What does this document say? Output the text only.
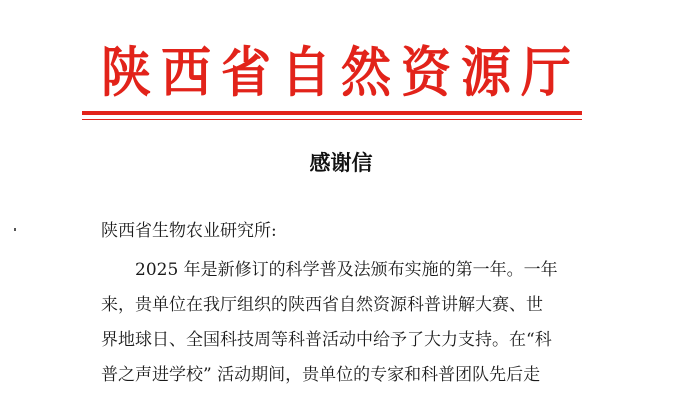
陕西省自然资源厅
感谢信
陕西省生物农业研究所:
2025 年是新修订的科学普及法颁布实施的第一年。一年
来，贵单位在我厅组织的陕西省自然资源科普讲解大赛、世
界地球日、全国科技周等科普活动中给予了大力支持。在“科
普之声进学校” 活动期间，贵单位的专家和科普团队先后走
